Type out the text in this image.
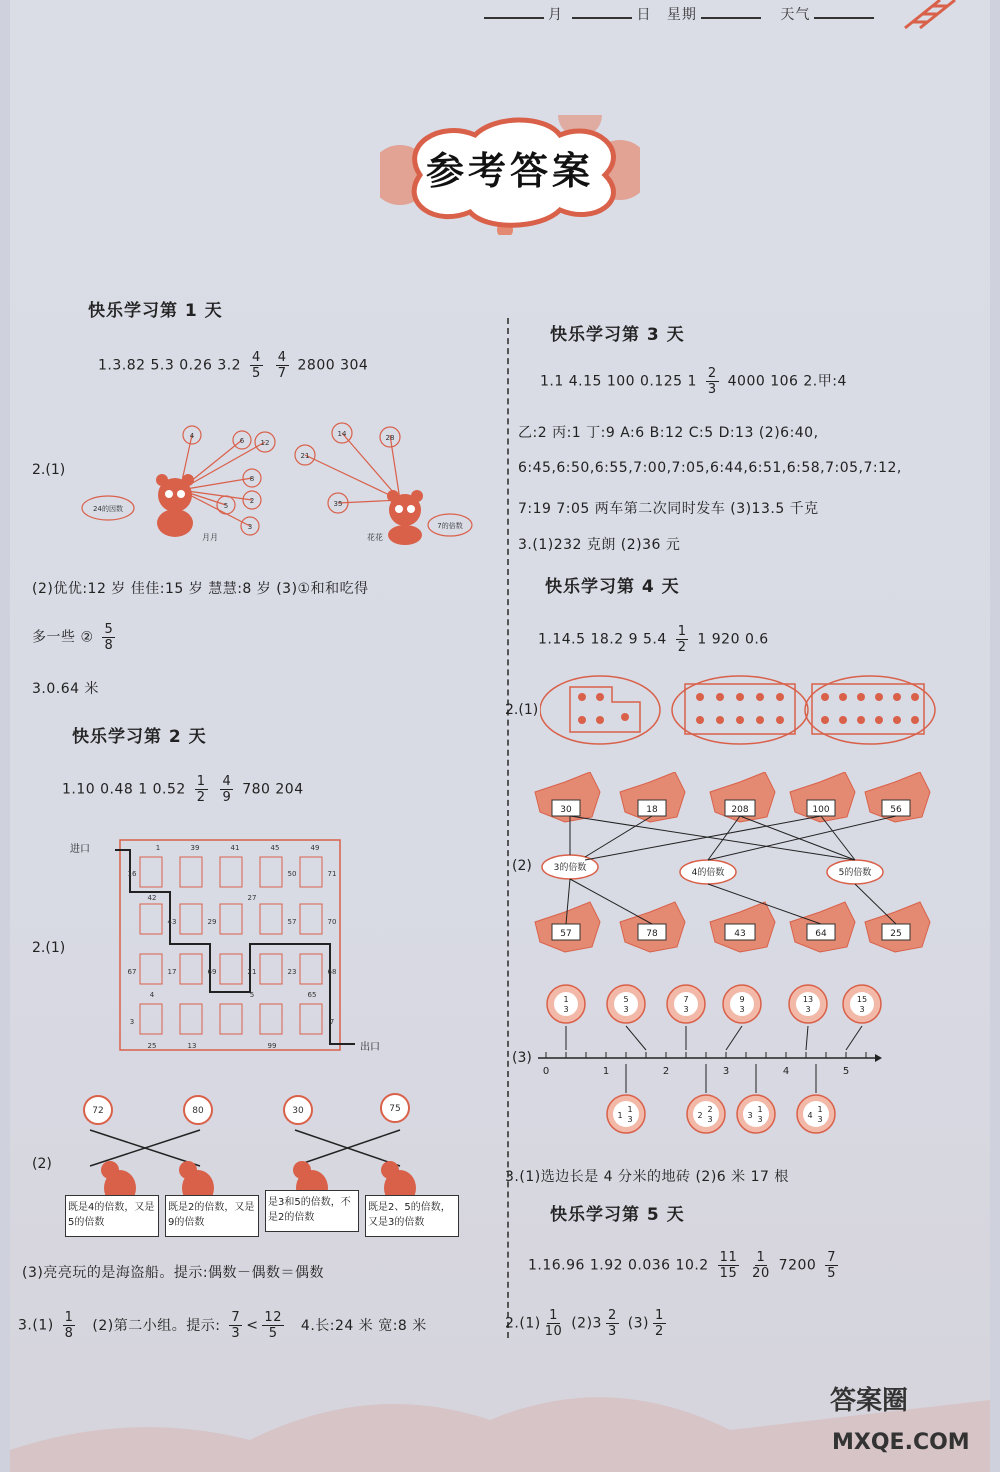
月	日 星期	天气
参考答案
快乐学习第 1 天
1.3.82 5.3 0.26 $3.2 \frac{4}{5}$
$\frac{4}{7} 2800$ 304
2.(1)
4
6 12
8
2
5
3
24的因数
月月
14	28
21
35
7的倍数
花花
(2)优优:12 岁 佳佳:15 岁 慧慧:8 岁 (3)①和和吃得
多一些 ② $\frac{5}{8}$
3.0.64 米
快乐学习第 2 天
1.10 0.48 1 $0.52 \frac{1}{2}$
$\frac{4}{9} 780$ 204
2.(1)
1	39	41	45	49
16
42	27
50
57	70
71
43	29
17	68
67	21	23
69
65
4	5
3	7
25	13	99
进口
出口
(2)
72	80	30	75
既是4的倍数，又是5的倍数
既是2的倍数，又是9的倍数
是3和5的倍数，不是2的倍数
既是2、5的倍数，又是3的倍数
(3)亮亮玩的是海盗船。提示:偶数－偶数＝偶数
$3.(1) \frac{1}{8} (2)$第二小组。提示: $\frac{7}{3} < \frac{12}{5} 4$.长:24 米 宽:8 米
快乐学习第 3 天
1.1 4.15 100 0.125 $1 \frac{2}{3} 4000$ 106 2.甲:4
乙:2 丙:1 丁:9 A:6 B:12 C:5 D:13 (2)6:40,
6:45,6:50,6:55,7:00,7:05,6:44,6:51,6:58,7:05,7:12,
7:19 7:05 两车第二次同时发车 (3)13.5 千克
3.(1)232 克朗 (2)36 元
快乐学习第 4 天
1.14.5 18.2 9 $5.4 \frac{1}{2} 1$ 920 0.6
2.(1)
(2)
30	18	208	100	56
57	78	43	64	25
3的倍数	4的倍数	5的倍数
(3)
1
3
5
3
7
3
9
3
13
3
15
3
1
1
3	2
2
3	3
1
3	4
1
3
0	1	2	3	4	5
3.(1)选边长是 4 分米的地砖 (2)6 米 17 根
快乐学习第 5 天
1.16.96 1.92 0.036 $10.2 \frac{11}{15}$
$\frac{1}{20} 7200 \frac{7}{5}$
$2.(1) \frac{1}{10} (2)3 \frac{2}{3} (3) \frac{1}{2}$
答案圈
MXQE.COM
